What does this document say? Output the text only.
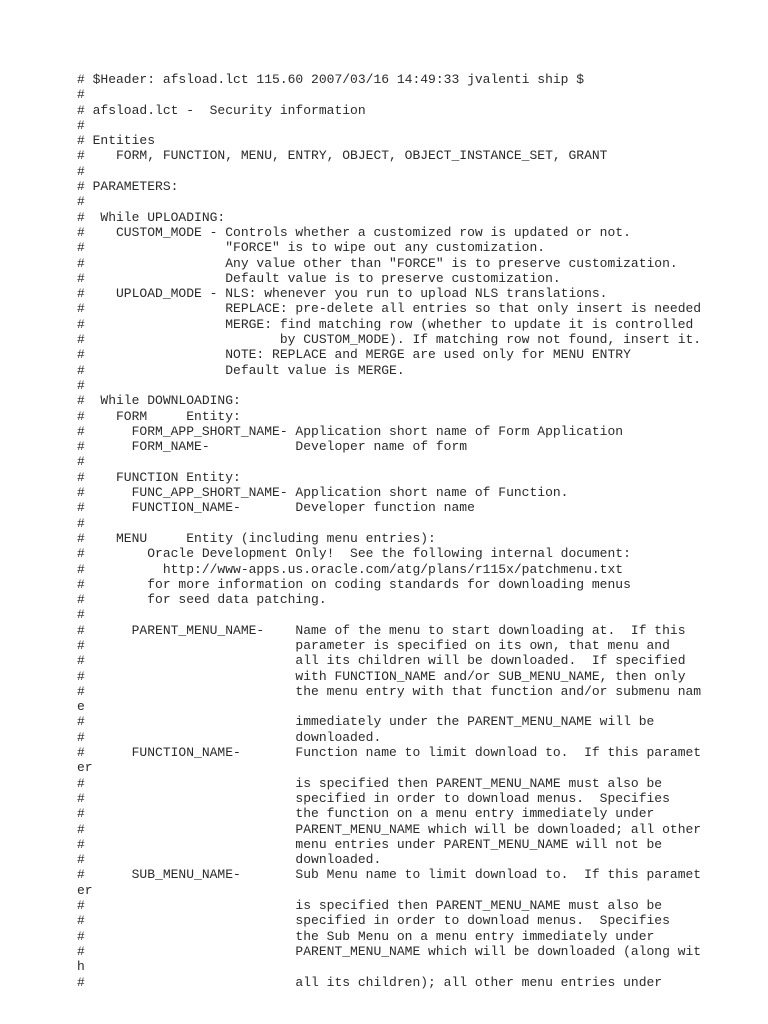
# $Header: afsload.lct 115.60 2007/03/16 14:49:33 jvalenti ship $
#
# afsload.lct -  Security information
#
# Entities
#    FORM, FUNCTION, MENU, ENTRY, OBJECT, OBJECT_INSTANCE_SET, GRANT
#
# PARAMETERS:
#
#  While UPLOADING:
#    CUSTOM_MODE - Controls whether a customized row is updated or not.
#                  "FORCE" is to wipe out any customization.
#                  Any value other than "FORCE" is to preserve customization.
#                  Default value is to preserve customization.
#    UPLOAD_MODE - NLS: whenever you run to upload NLS translations.
#                  REPLACE: pre-delete all entries so that only insert is needed
#                  MERGE: find matching row (whether to update it is controlled
#                         by CUSTOM_MODE). If matching row not found, insert it.
#                  NOTE: REPLACE and MERGE are used only for MENU ENTRY
#                  Default value is MERGE.
#
#  While DOWNLOADING:
#    FORM     Entity:
#      FORM_APP_SHORT_NAME- Application short name of Form Application
#      FORM_NAME-           Developer name of form
#
#    FUNCTION Entity:
#      FUNC_APP_SHORT_NAME- Application short name of Function.
#      FUNCTION_NAME-       Developer function name
#
#    MENU     Entity (including menu entries):
#        Oracle Development Only!  See the following internal document:
#          http://www-apps.us.oracle.com/atg/plans/r115x/patchmenu.txt
#        for more information on coding standards for downloading menus
#        for seed data patching.
#
#      PARENT_MENU_NAME-    Name of the menu to start downloading at.  If this
#                           parameter is specified on its own, that menu and
#                           all its children will be downloaded.  If specified
#                           with FUNCTION_NAME and/or SUB_MENU_NAME, then only
#                           the menu entry with that function and/or submenu nam
e
#                           immediately under the PARENT_MENU_NAME will be
#                           downloaded.
#      FUNCTION_NAME-       Function name to limit download to.  If this paramet
er
#                           is specified then PARENT_MENU_NAME must also be
#                           specified in order to download menus.  Specifies
#                           the function on a menu entry immediately under
#                           PARENT_MENU_NAME which will be downloaded; all other
#                           menu entries under PARENT_MENU_NAME will not be
#                           downloaded.
#      SUB_MENU_NAME-       Sub Menu name to limit download to.  If this paramet
er
#                           is specified then PARENT_MENU_NAME must also be
#                           specified in order to download menus.  Specifies
#                           the Sub Menu on a menu entry immediately under
#                           PARENT_MENU_NAME which will be downloaded (along wit
h
#                           all its children); all other menu entries under
